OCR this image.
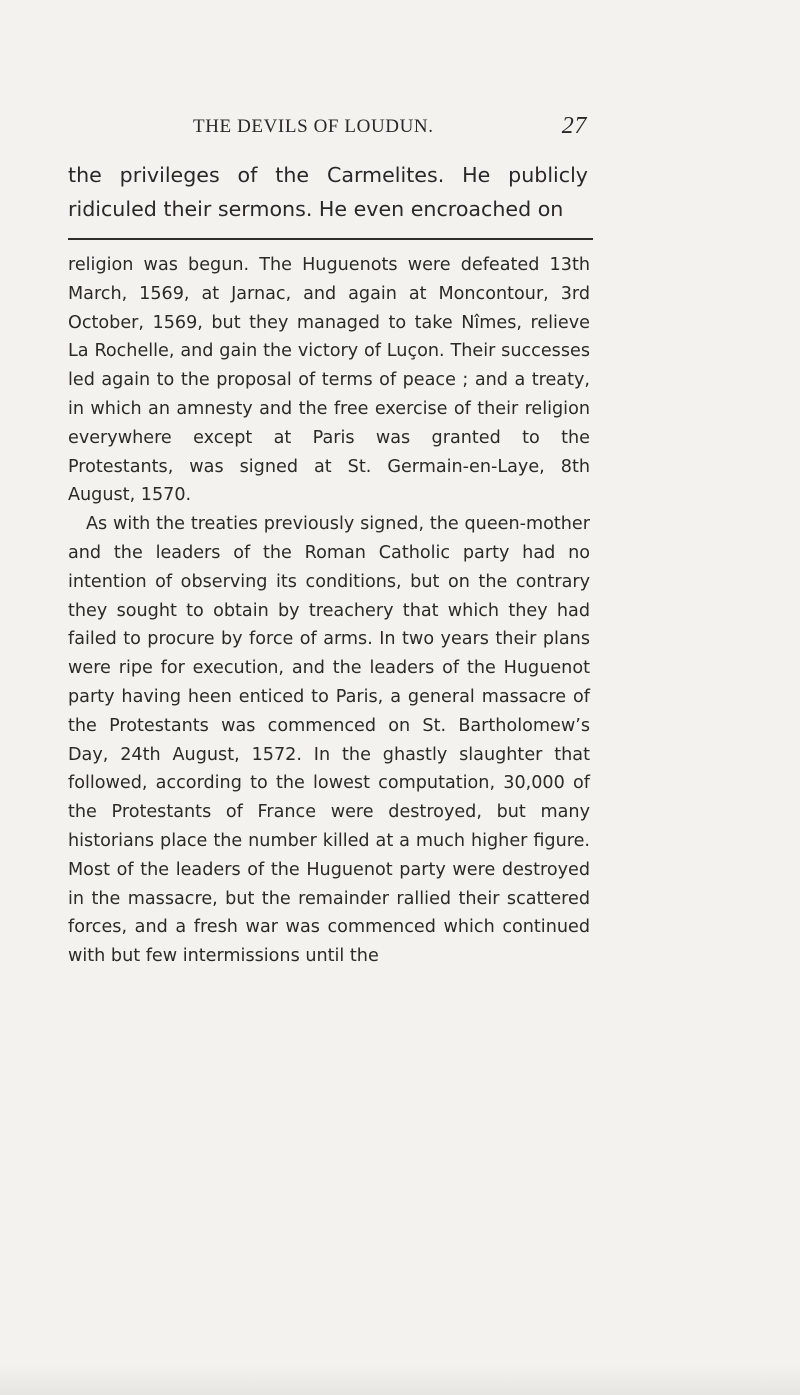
THE DEVILS OF LOUDUN.	27
the privileges of the Carmelites. He publicly ridiculed their sermons. He even encroached on

religion was begun. The Huguenots were defeated 13th March, 1569, at Jarnac, and again at Moncontour, 3rd October, 1569, but they managed to take Nîmes, relieve La Rochelle, and gain the victory of Luçon. Their successes led again to the proposal of terms of peace ; and a treaty, in which an amnesty and the free exercise of their religion everywhere except at Paris was granted to the Protestants, was signed at St. Germain-en-Laye, 8th August, 1570.

As with the treaties previously signed, the queen-mother and the leaders of the Roman Catholic party had no intention of observing its conditions, but on the contrary they sought to obtain by treachery that which they had failed to procure by force of arms. In two years their plans were ripe for execution, and the leaders of the Huguenot party having heen enticed to Paris, a general massacre of the Protestants was commenced on St. Bartholomew’s Day, 24th August, 1572. In the ghastly slaughter that followed, according to the lowest computation, 30,000 of the Protestants of France were destroyed, but many historians place the number killed at a much higher figure. Most of the leaders of the Huguenot party were destroyed in the massacre, but the remainder rallied their scattered forces, and a fresh war was commenced which continued with but few intermissions until the
